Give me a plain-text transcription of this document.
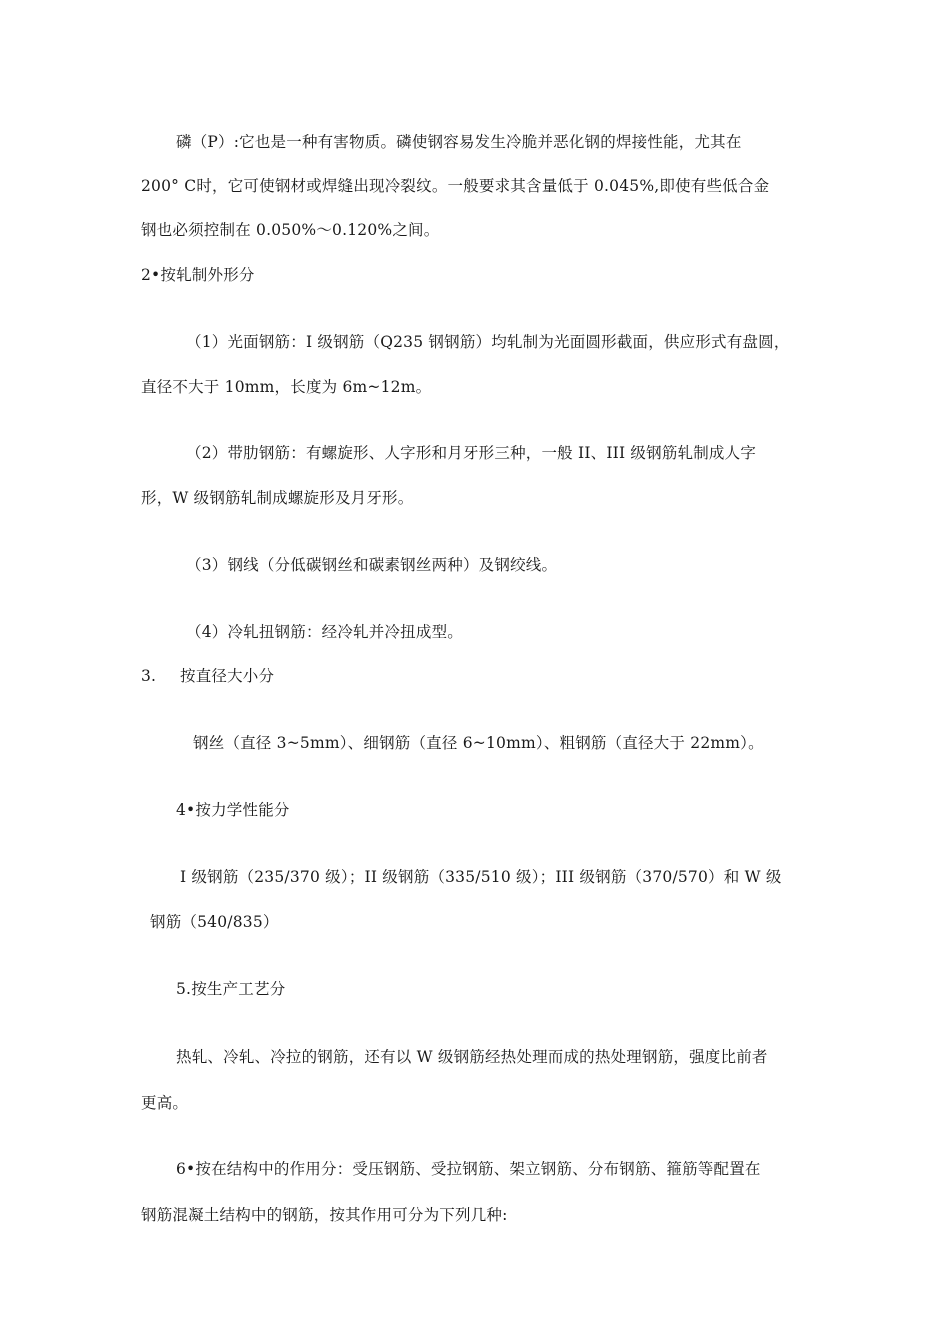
磷（P）:它也是一种有害物质。磷使钢容易发生冷脆并恶化钢的焊接性能，尤其在
200° C时，它可使钢材或焊缝出现冷裂纹。一般要求其含量低于 0.045%,即使有些低合金
钢也必须控制在 0.050%〜0.120%之间。
2•按轧制外形分
（1）光面钢筋：I 级钢筋（Q235 钢钢筋）均轧制为光面圆形截面，供应形式有盘圆，
直径不大于 10mm，长度为 6m~12m。
（2）带肋钢筋：有螺旋形、人字形和月牙形三种，一般 II、III 级钢筋轧制成人字
形，W 级钢筋轧制成螺旋形及月牙形。
（3）钢线（分低碳钢丝和碳素钢丝两种）及钢绞线。
（4）冷轧扭钢筋：经冷轧并冷扭成型。
3. 按直径大小分
钢丝（直径 3~5mm）、细钢筋（直径 6~10mm）、粗钢筋（直径大于 22mm）。
4•按力学性能分
I 级钢筋（235/370 级）；II 级钢筋（335/510 级）；III 级钢筋（370/570）和 W 级
钢筋（540/835）
5.按生产工艺分
热轧、冷轧、冷拉的钢筋，还有以 W 级钢筋经热处理而成的热处理钢筋，强度比前者
更高。
6•按在结构中的作用分：受压钢筋、受拉钢筋、架立钢筋、分布钢筋、箍筋等配置在
钢筋混凝土结构中的钢筋，按其作用可分为下列几种:
